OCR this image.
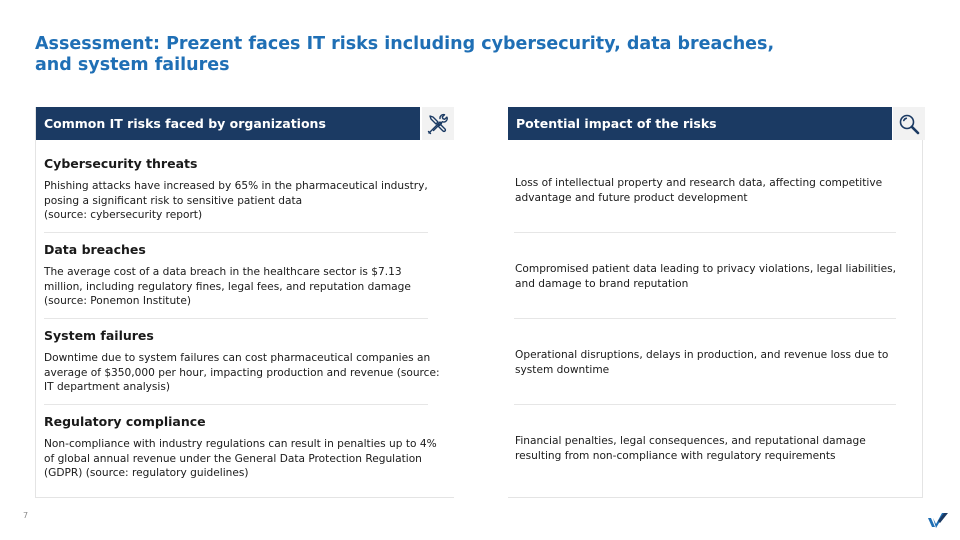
Assessment: Prezent faces IT risks including cybersecurity, data breaches, and system failures
Common IT risks faced by organizations
Cybersecurity threats
Phishing attacks have increased by 65% in the pharmaceutical industry,
posing a significant risk to sensitive patient data
(source: cybersecurity report)
Data breaches
The average cost of a data breach in the healthcare sector is $7.13
million, including regulatory fines, legal fees, and reputation damage
(source: Ponemon Institute)
System failures
Downtime due to system failures can cost pharmaceutical companies an
average of $350,000 per hour, impacting production and revenue (source:
IT department analysis)
Regulatory compliance
Non-compliance with industry regulations can result in penalties up to 4%
of global annual revenue under the General Data Protection Regulation
(GDPR) (source: regulatory guidelines)
Potential impact of the risks
Loss of intellectual property and research data, affecting competitive advantage and future product development
Compromised patient data leading to privacy violations, legal liabilities, and damage to brand reputation
Operational disruptions, delays in production, and revenue loss due to system downtime
Financial penalties, legal consequences, and reputational damage resulting from non-compliance with regulatory requirements
7
